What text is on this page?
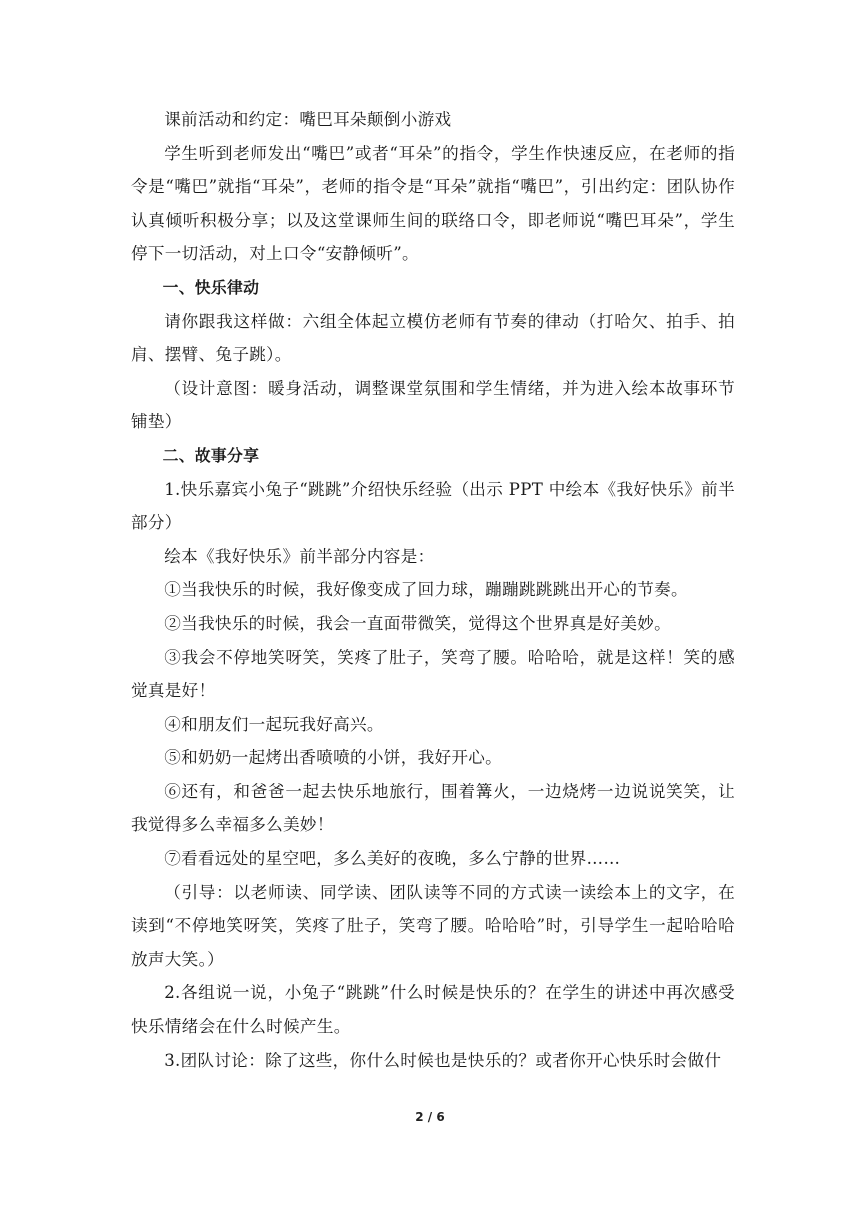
课前活动和约定：嘴巴耳朵颠倒小游戏

学生听到老师发出“嘴巴”或者“耳朵”的指令，学生作快速反应，在老师的指令是“嘴巴”就指“耳朵”，老师的指令是“耳朵”就指“嘴巴”，引出约定：团队协作认真倾听积极分享；以及这堂课师生间的联络口令，即老师说“嘴巴耳朵”，学生停下一切活动，对上口令“安静倾听”。

一、快乐律动

请你跟我这样做：六组全体起立模仿老师有节奏的律动（打哈欠、拍手、拍肩、摆臂、兔子跳）。

（设计意图：暖身活动，调整课堂氛围和学生情绪，并为进入绘本故事环节铺垫）

二、故事分享

1.快乐嘉宾小兔子“跳跳”介绍快乐经验（出示 PPT 中绘本《我好快乐》前半部分）

绘本《我好快乐》前半部分内容是：

①当我快乐的时候，我好像变成了回力球，蹦蹦跳跳跳出开心的节奏。

②当我快乐的时候，我会一直面带微笑，觉得这个世界真是好美妙。

③我会不停地笑呀笑，笑疼了肚子，笑弯了腰。哈哈哈，就是这样！笑的感觉真是好！

④和朋友们一起玩我好高兴。

⑤和奶奶一起烤出香喷喷的小饼，我好开心。

⑥还有，和爸爸一起去快乐地旅行，围着篝火，一边烧烤一边说说笑笑，让我觉得多么幸福多么美妙！

⑦看看远处的星空吧，多么美好的夜晚，多么宁静的世界……

（引导：以老师读、同学读、团队读等不同的方式读一读绘本上的文字，在读到“不停地笑呀笑，笑疼了肚子，笑弯了腰。哈哈哈”时，引导学生一起哈哈哈放声大笑。）

2.各组说一说，小兔子“跳跳”什么时候是快乐的？在学生的讲述中再次感受快乐情绪会在什么时候产生。

3.团队讨论：除了这些，你什么时候也是快乐的？或者你开心快乐时会做什

2 / 6
